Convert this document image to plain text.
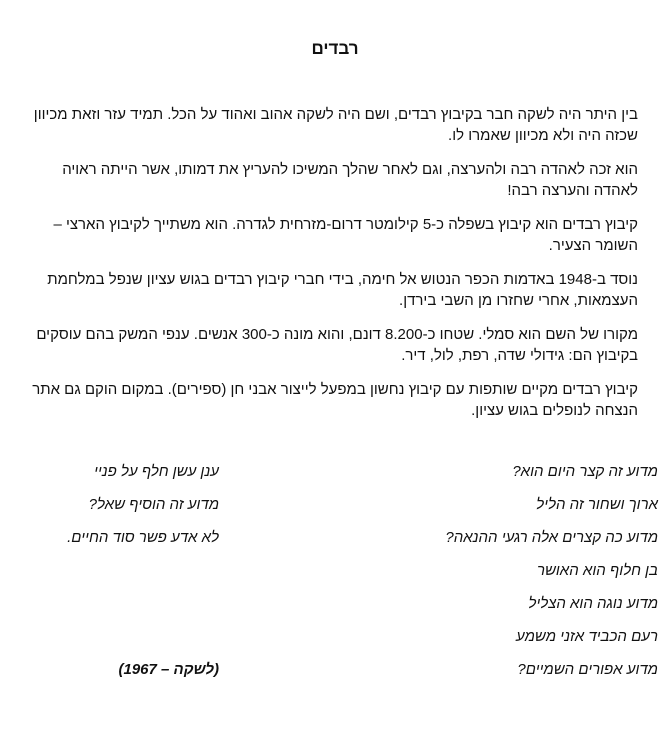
רבדים

בין היתר היה לשקה חבר בקיבוץ רבדים, ושם היה לשקה אהוב ואהוד על הכל. תמיד עזר וזאת מכיוון שכזה היה ולא מכיוון שאמרו לו.

הוא זכה לאהדה רבה ולהערצה, וגם לאחר שהלך המשיכו להעריץ את דמותו, אשר הייתה ראויה לאהדה והערצה רבה!

קיבוץ רבדים הוא קיבוץ בשפלה כ-5 קילומטר דרום-מזרחית לגדרה. הוא משתייך לקיבוץ הארצי – השומר הצעיר.

נוסד ב-1948 באדמות הכפר הנטוש אל חימה, בידי חברי קיבוץ רבדים בגוש עציון שנפל במלחמת העצמאות, אחרי שחזרו מן השבי בירדן.

מקורו של השם הוא סמלי. שטחו כ-8.200 דונם, והוא מונה כ-300 אנשים. ענפי המשק בהם עוסקים בקיבוץ הם: גידולי שדה, רפת, לול, דיר.

קיבוץ רבדים מקיים שותפות עם קיבוץ נחשון במפעל לייצור אבני חן (ספירים). במקום הוקם גם אתר הנצחה לנופלים בגוש עציון.

מדוע זה קצר היום הוא?
ארוך ושחור זה הליל
מדוע כה קצרים אלה רגעי ההנאה?
בן חלוף הוא האושר
מדוע נוגה הוא הצליל
רעם הכביד אזני משמע
מדוע אפורים השמיים?
ענן עשן חלף על פניי
מדוע זה הוסיף שאל?
לא אדע פשר סוד החיים.
(לשקה – 1967)
